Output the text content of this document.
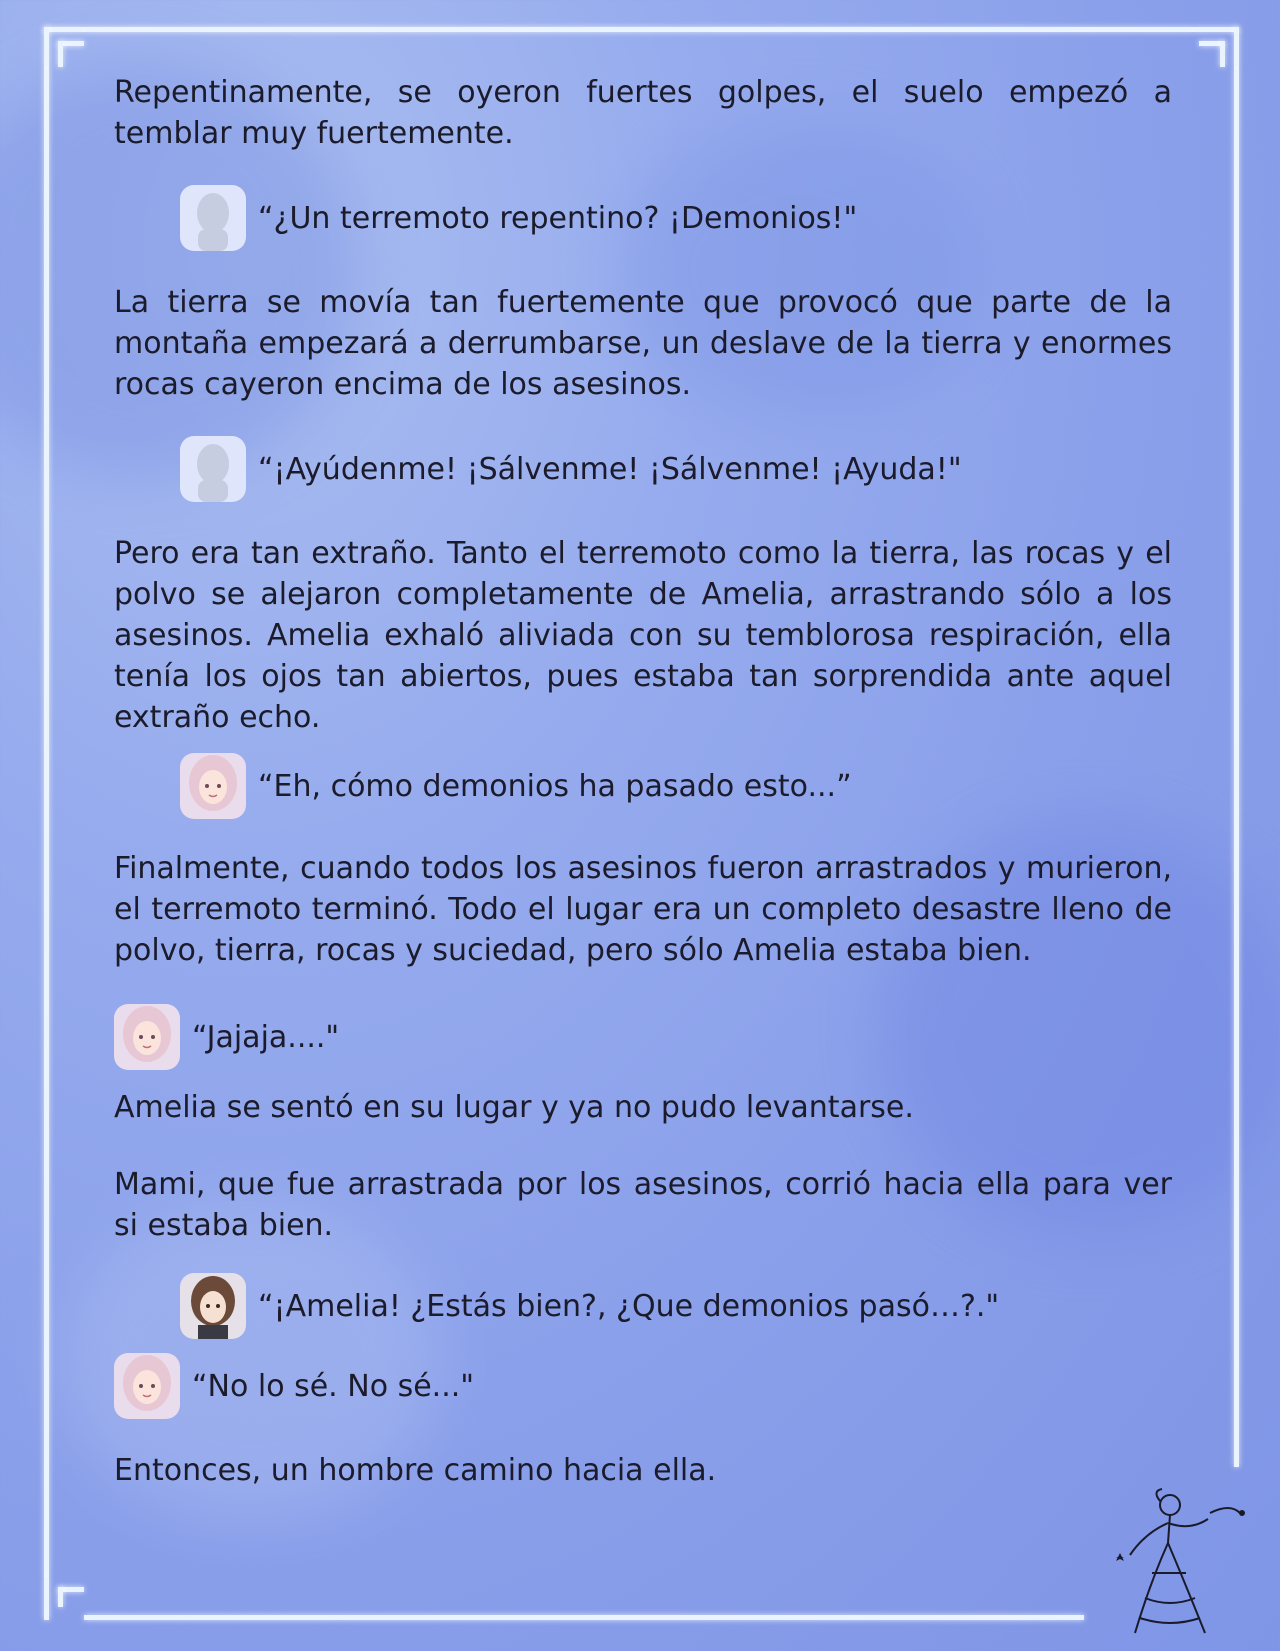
Repentinamente, se oyeron fuertes golpes, el suelo empezó a temblar muy fuertemente.

“¿Un terremoto repentino? ¡Demonios!"

La tierra se movía tan fuertemente que provocó que parte de la montaña empezará a derrumbarse, un deslave de la tierra y enormes rocas cayeron encima de los asesinos.

“¡Ayúdenme! ¡Sálvenme! ¡Sálvenme! ¡Ayuda!"

Pero era tan extraño. Tanto el terremoto como la tierra, las rocas y el polvo se alejaron completamente de Amelia, arrastrando sólo a los asesinos. Amelia exhaló aliviada con su temblorosa respiración, ella tenía los ojos tan abiertos, pues estaba tan sorprendida ante aquel extraño echo.

“Eh, cómo demonios ha pasado esto...”

Finalmente, cuando todos los asesinos fueron arrastrados y murieron, el terremoto terminó. Todo el lugar era un completo desastre lleno de polvo, tierra, rocas y suciedad, pero sólo Amelia estaba bien.

“Jajaja...."

Amelia se sentó en su lugar y ya no pudo levantarse.

Mami, que fue arrastrada por los asesinos, corrió hacia ella para ver si estaba bien.

“¡Amelia! ¿Estás bien?, ¿Que demonios pasó…?."
“No lo sé. No sé..."

Entonces, un hombre camino hacia ella.
